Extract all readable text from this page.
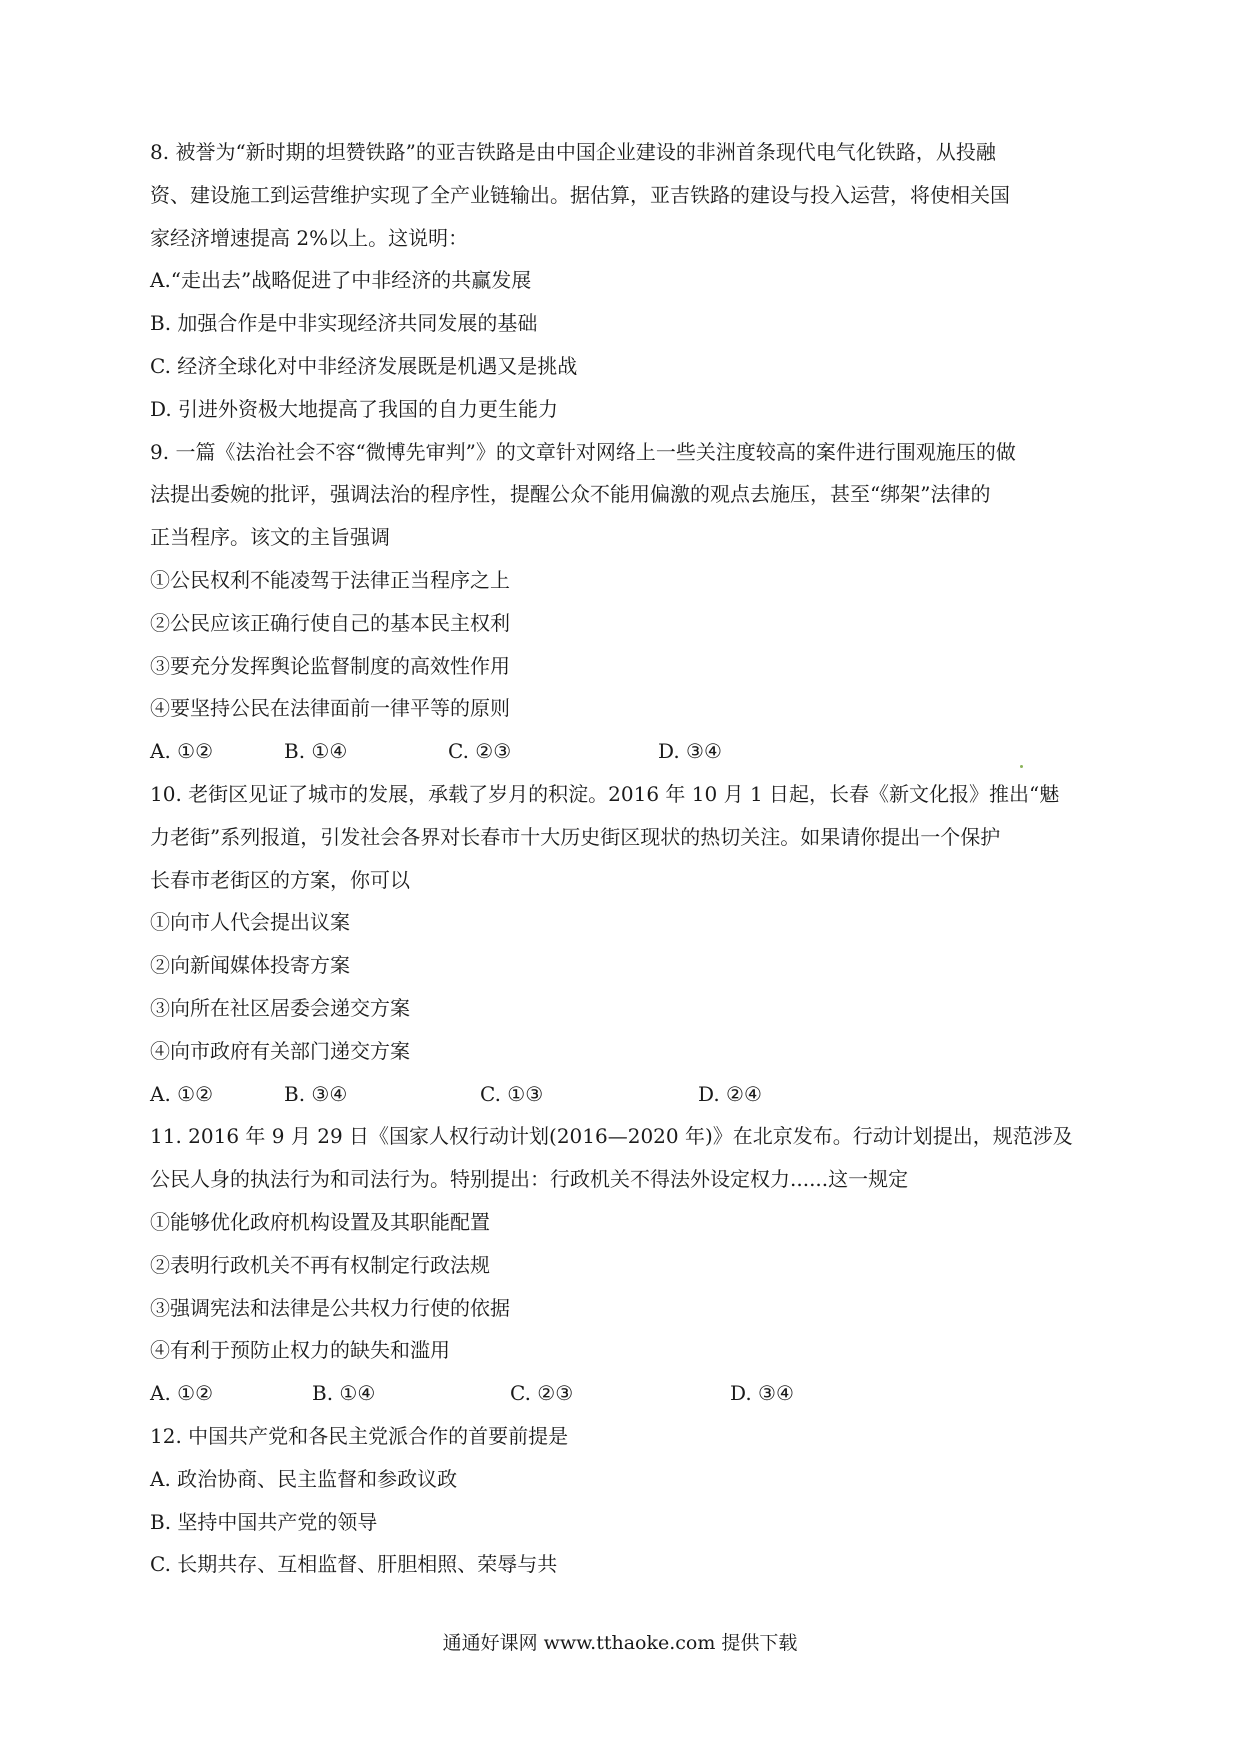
8. 被誉为“新时期的坦赞铁路”的亚吉铁路是由中国企业建设的非洲首条现代电气化铁路，从投融
资、建设施工到运营维护实现了全产业链输出。据估算，亚吉铁路的建设与投入运营，将使相关国
家经济增速提高 2%以上。这说明：
A.“走出去”战略促进了中非经济的共赢发展
B. 加强合作是中非实现经济共同发展的基础
C. 经济全球化对中非经济发展既是机遇又是挑战
D. 引进外资极大地提高了我国的自力更生能力
9. 一篇《法治社会不容“微博先审判”》的文章针对网络上一些关注度较高的案件进行围观施压的做
法提出委婉的批评，强调法治的程序性，提醒公众不能用偏激的观点去施压，甚至“绑架”法律的
正当程序。该文的主旨强调
①公民权利不能凌驾于法律正当程序之上
②公民应该正确行使自己的基本民主权利
③要充分发挥舆论监督制度的高效性作用
④要坚持公民在法律面前一律平等的原则
A. ①②	B. ①④	C. ②③	D. ③④
10. 老街区见证了城市的发展，承载了岁月的积淀。2016 年 10 月 1 日起，长春《新文化报》推出“魅
力老街”系列报道，引发社会各界对长春市十大历史街区现状的热切关注。如果请你提出一个保护
长春市老街区的方案，你可以
①向市人代会提出议案
②向新闻媒体投寄方案
③向所在社区居委会递交方案
④向市政府有关部门递交方案
A. ①②	B. ③④	C. ①③	D. ②④
11. 2016 年 9 月 29 日《国家人权行动计划(2016—2020 年)》在北京发布。行动计划提出，规范涉及
公民人身的执法行为和司法行为。特别提出：行政机关不得法外设定权力......这一规定
①能够优化政府机构设置及其职能配置
②表明行政机关不再有权制定行政法规
③强调宪法和法律是公共权力行使的依据
④有利于预防止权力的缺失和滥用
A. ①②	B. ①④	C. ②③	D. ③④
12. 中国共产党和各民主党派合作的首要前提是
A. 政治协商、民主监督和参政议政
B. 坚持中国共产党的领导
C. 长期共存、互相监督、肝胆相照、荣辱与共
通通好课网 www.tthaoke.com 提供下载
